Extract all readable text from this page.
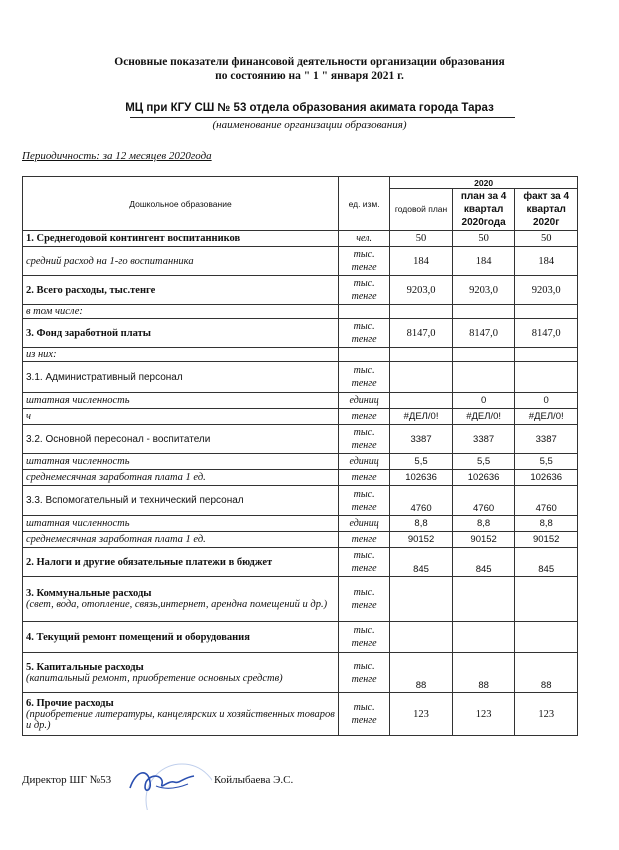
Основные показатели финансовой деятельности организации образования
по состоянию на " 1 " января 2021 г.
МЦ при КГУ СШ № 53 отдела образования акимата города Тараз
(наименование организации образования)
Периодичность: за 12 месяцев 2020года
Дошкольное образование	ед. изм.	2020		
		годовой план	план за 4 квартал 2020года	факт за 4 квартал 2020г
1. Среднегодовой контингент воспитанников	чел.	50	50	50
средний расход на 1-го воспитанника	тыс. тенге	184	184	184
2. Всего расходы, тыс.тенге	тыс. тенге	9203,0	9203,0	9203,0
в том числе:				
3. Фонд заработной платы	тыс. тенге	8147,0	8147,0	8147,0
из них:				
3.1. Административный персонал	тыс. тенге			
штатная численность	единиц		0	0
ч	тенге	#ДЕЛ/0!	#ДЕЛ/0!	#ДЕЛ/0!
3.2. Основной пересонал - воспитатели	тыс. тенге	3387	3387	3387
штатная численность	единиц	5,5	5,5	5,5
среднемесячная заработная плата 1 ед.	тенге	102636	102636	102636
3.3. Вспомогательный и технический персонал	тыс. тенге	4760	4760	4760
штатная численность	единиц	8,8	8,8	8,8
среднемесячная заработная плата 1 ед.	тенге	90152	90152	90152
2. Налоги и другие обязательные платежи в бюджет	тыс. тенге	845	845	845
3. Коммунальные расходы
(свет, вода, отопление, связь,интернет, арендна помещений и др.)	тыс. тенге			
4. Текущий ремонт помещений и оборудования	тыс. тенге			
5. Капитальные расходы
(капитальный ремонт, приобретение основных средств)	тыс. тенге	88	88	88
6. Прочие расходы
(приобретение литературы, канцелярских и хозяйственных товаров и др.)	тыс. тенге	123	123	123
Директор ШГ №53	Койлыбаева Э.С.
